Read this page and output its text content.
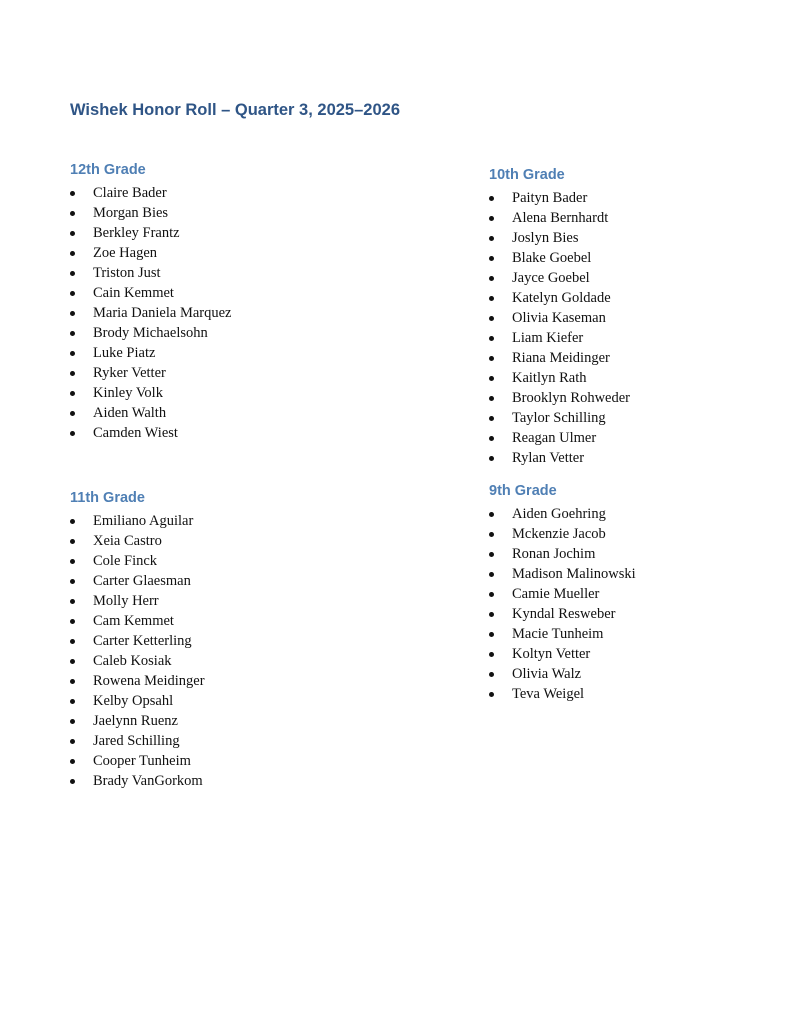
Wishek Honor Roll – Quarter 3, 2025–2026
12th Grade
Claire Bader
Morgan Bies
Berkley Frantz
Zoe Hagen
Triston Just
Cain Kemmet
Maria Daniela Marquez
Brody Michaelsohn
Luke Piatz
Ryker Vetter
Kinley Volk
Aiden Walth
Camden Wiest
11th Grade
Emiliano Aguilar
Xeia Castro
Cole Finck
Carter Glaesman
Molly Herr
Cam Kemmet
Carter Ketterling
Caleb Kosiak
Rowena Meidinger
Kelby Opsahl
Jaelynn Ruenz
Jared Schilling
Cooper Tunheim
Brady VanGorkom
10th Grade
Paityn Bader
Alena Bernhardt
Joslyn Bies
Blake Goebel
Jayce Goebel
Katelyn Goldade
Olivia Kaseman
Liam Kiefer
Riana Meidinger
Kaitlyn Rath
Brooklyn Rohweder
Taylor Schilling
Reagan Ulmer
Rylan Vetter
9th Grade
Aiden Goehring
Mckenzie Jacob
Ronan Jochim
Madison Malinowski
Camie Mueller
Kyndal Resweber
Macie Tunheim
Koltyn Vetter
Olivia Walz
Teva Weigel
